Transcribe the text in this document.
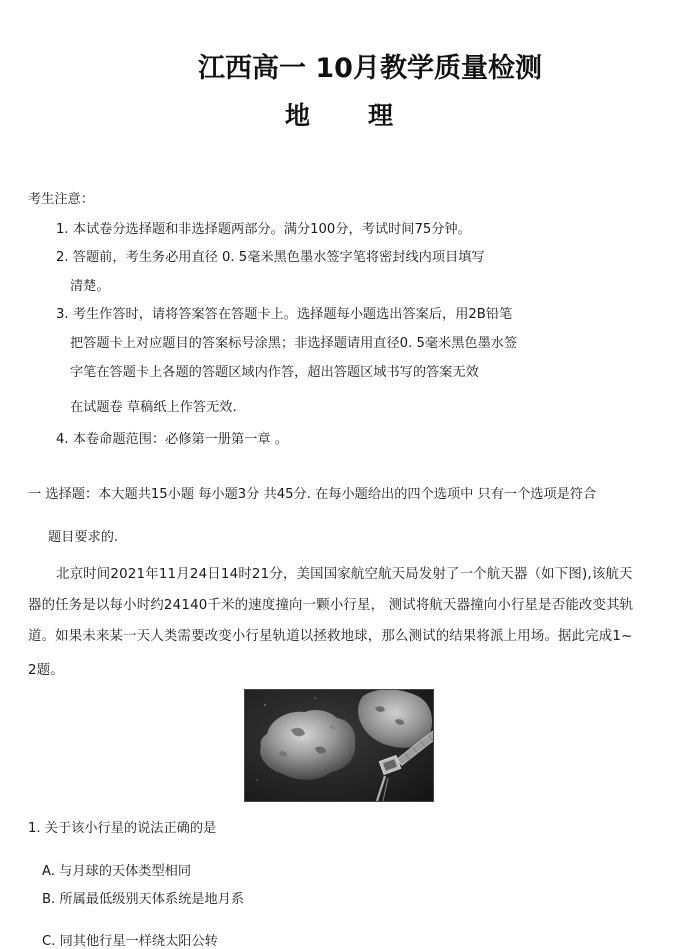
江西高一 10月教学质量检测
地 理
考生注意：
1. 本试卷分选择题和非选择题两部分。满分100分，考试时间75分钟。
2. 答题前，考生务必用直径 0. 5毫米黑色墨水签字笔将密封线内项目填写
清楚。
3. 考生作答时，请将答案答在答题卡上。选择题每小题选出答案后，用2B铅笔
把答题卡上对应题目的答案标号涂黑；非选择题请用直径0. 5毫米黑色墨水签
字笔在答题卡上各题的答题区域内作答，超出答题区域书写的答案无效
在试题卷 草稿纸上作答无效.
4. 本卷命题范围：必修第一册第一章 。
一 选择题：本大题共15小题 每小题3分 共45分. 在每小题给出的四个选项中 只有一个选项是符合
题目要求的.
北京时间2021年11月24日14时21分，美国国家航空航天局发射了一个航天器（如下图),该航天
器的任务是以每小时约24140千米的速度撞向一颗小行星， 测试将航天器撞向小行星是否能改变其轨
道。如果未来某一天人类需要改变小行星轨道以拯救地球，那么测试的结果将派上用场。据此完成1~
2题。
1. 关于该小行星的说法正确的是
A. 与月球的天体类型相同
B. 所属最低级别天体系统是地月系
C. 同其他行星一样绕太阳公转
